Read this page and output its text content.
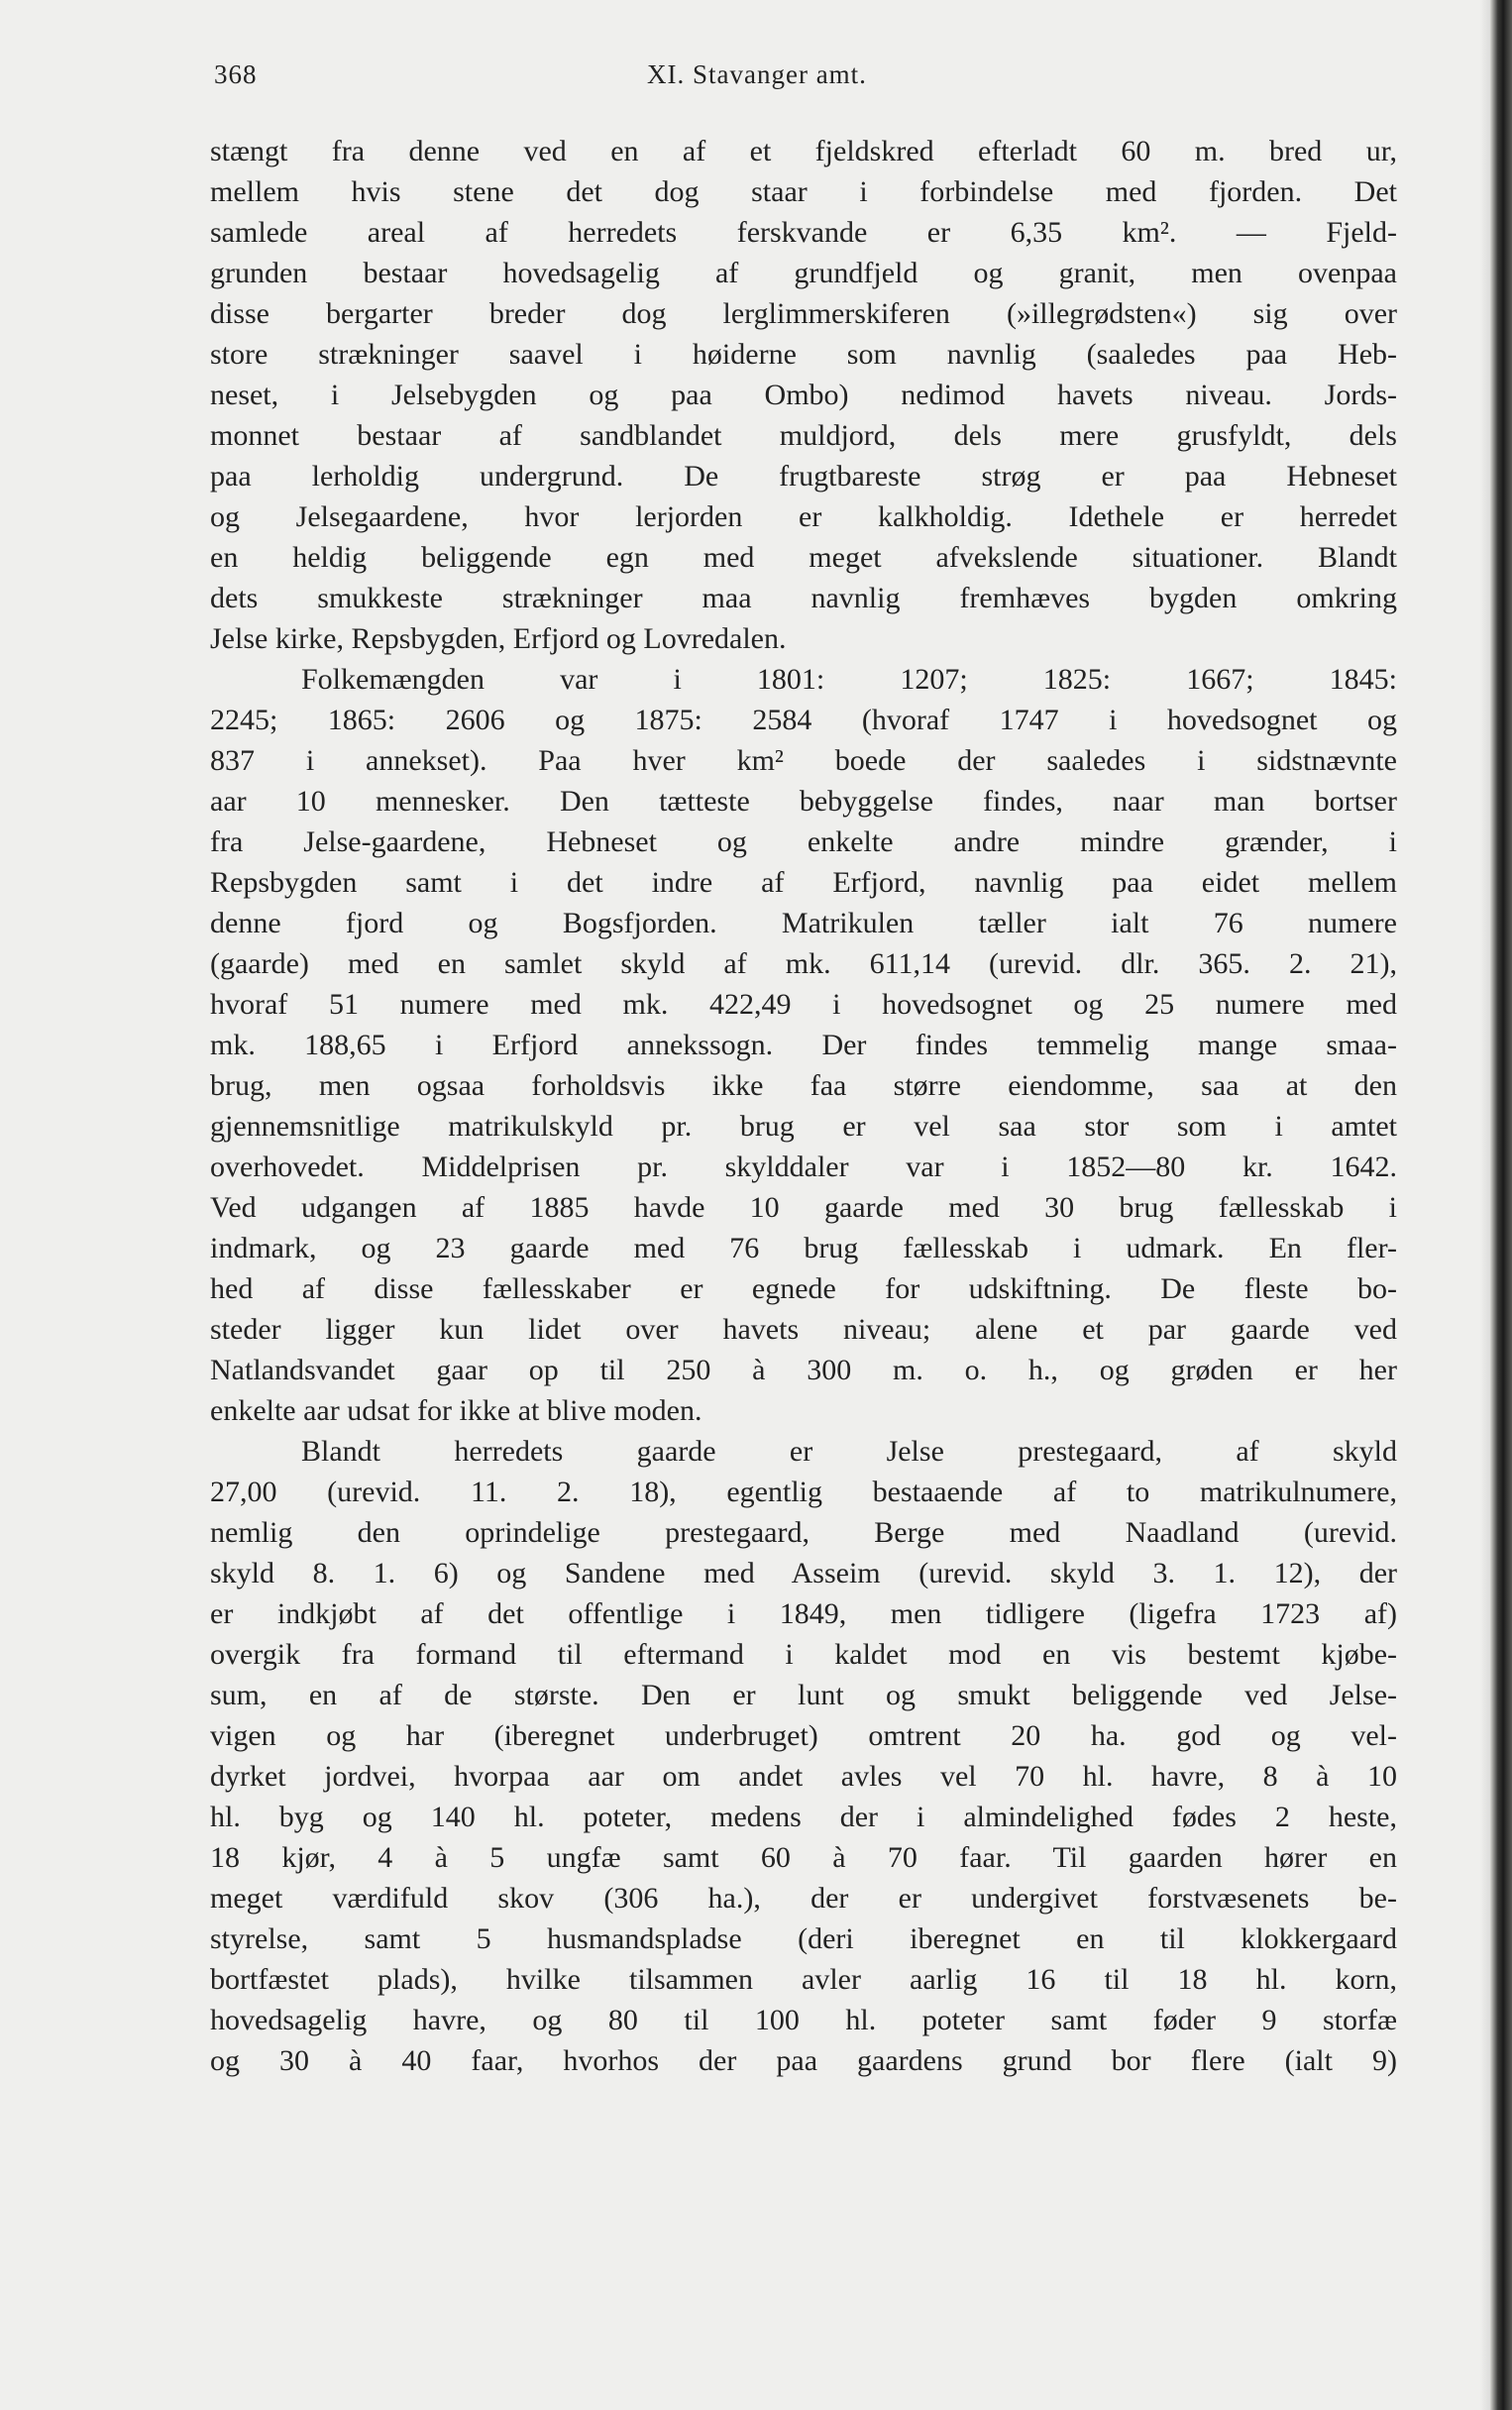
368	XI. Stavanger amt.
stængt fra denne ved en af et fjeldskred efterladt 60 m. bred ur,
mellem hvis stene det dog staar i forbindelse med fjorden. Det
samlede areal af herredets ferskvande er 6,35 km². — Fjeld-
grunden bestaar hovedsagelig af grundfjeld og granit, men ovenpaa
disse bergarter breder dog lerglimmerskiferen (»illegrødsten«) sig over
store strækninger saavel i høiderne som navnlig (saaledes paa Heb-
neset, i Jelsebygden og paa Ombo) nedimod havets niveau. Jords-
monnet bestaar af sandblandet muldjord, dels mere grusfyldt, dels
paa lerholdig undergrund. De frugtbareste strøg er paa Hebneset
og Jelsegaardene, hvor lerjorden er kalkholdig. Idethele er herredet
en heldig beliggende egn med meget afvekslende situationer. Blandt
dets smukkeste strækninger maa navnlig fremhæves bygden omkring
Jelse kirke, Repsbygden, Erfjord og Lovredalen.
Folkemængden var i 1801: 1207; 1825: 1667; 1845:
2245; 1865: 2606 og 1875: 2584 (hvoraf 1747 i hovedsognet og
837 i annekset). Paa hver km² boede der saaledes i sidstnævnte
aar 10 mennesker. Den tætteste bebyggelse findes, naar man bortser
fra Jelse-gaardene, Hebneset og enkelte andre mindre grænder, i
Repsbygden samt i det indre af Erfjord, navnlig paa eidet mellem
denne fjord og Bogsfjorden. Matrikulen tæller ialt 76 numere
(gaarde) med en samlet skyld af mk. 611,14 (urevid. dlr. 365. 2. 21),
hvoraf 51 numere med mk. 422,49 i hovedsognet og 25 numere med
mk. 188,65 i Erfjord annekssogn. Der findes temmelig mange smaa-
brug, men ogsaa forholdsvis ikke faa større eiendomme, saa at den
gjennemsnitlige matrikulskyld pr. brug er vel saa stor som i amtet
overhovedet. Middelprisen pr. skylddaler var i 1852—80 kr. 1642.
Ved udgangen af 1885 havde 10 gaarde med 30 brug fællesskab i
indmark, og 23 gaarde med 76 brug fællesskab i udmark. En fler-
hed af disse fællesskaber er egnede for udskiftning. De fleste bo-
steder ligger kun lidet over havets niveau; alene et par gaarde ved
Natlandsvandet gaar op til 250 à 300 m. o. h., og grøden er her
enkelte aar udsat for ikke at blive moden.
Blandt herredets gaarde er Jelse prestegaard, af skyld
27,00 (urevid. 11. 2. 18), egentlig bestaaende af to matrikulnumere,
nemlig den oprindelige prestegaard, Berge med Naadland (urevid.
skyld 8. 1. 6) og Sandene med Asseim (urevid. skyld 3. 1. 12), der
er indkjøbt af det offentlige i 1849, men tidligere (ligefra 1723 af)
overgik fra formand til eftermand i kaldet mod en vis bestemt kjøbe-
sum, en af de største. Den er lunt og smukt beliggende ved Jelse-
vigen og har (iberegnet underbruget) omtrent 20 ha. god og vel-
dyrket jordvei, hvorpaa aar om andet avles vel 70 hl. havre, 8 à 10
hl. byg og 140 hl. poteter, medens der i almindelighed fødes 2 heste,
18 kjør, 4 à 5 ungfæ samt 60 à 70 faar. Til gaarden hører en
meget værdifuld skov (306 ha.), der er undergivet forstvæsenets be-
styrelse, samt 5 husmandspladse (deri iberegnet en til klokkergaard
bortfæstet plads), hvilke tilsammen avler aarlig 16 til 18 hl. korn,
hovedsagelig havre, og 80 til 100 hl. poteter samt føder 9 storfæ
og 30 à 40 faar, hvorhos der paa gaardens grund bor flere (ialt 9)
